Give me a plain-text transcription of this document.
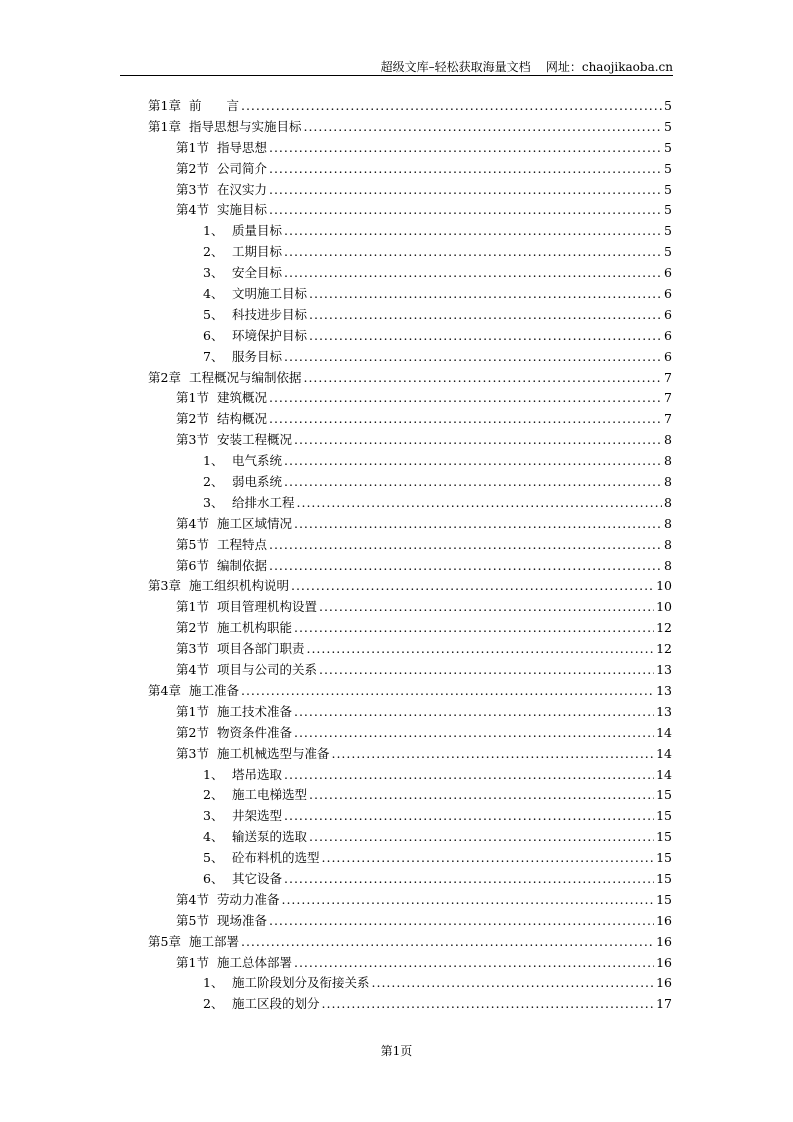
超级文库–轻松获取海量文档    网址：chaojikaoba.cn
第1章 前　　言 .....	5
第1章 指导思想与实施目标 .....	5
第1节 指导思想 .....	5
第2节 公司简介 .....	5
第3节 在汉实力 .....	5
第4节 实施目标 .....	5
1、 质量目标 .....	5
2、 工期目标 .....	5
3、 安全目标 .....	6
4、 文明施工目标 .....	6
5、 科技进步目标 .....	6
6、 环境保护目标 .....	6
7、 服务目标 .....	6
第2章 工程概况与编制依据 .....	7
第1节 建筑概况 .....	7
第2节 结构概况 .....	7
第3节 安装工程概况 .....	8
1、 电气系统 .....	8
2、 弱电系统 .....	8
3、 给排水工程 .....	8
第4节 施工区域情况 .....	8
第5节 工程特点 .....	8
第6节 编制依据 .....	8
第3章 施工组织机构说明 .....	10
第1节 项目管理机构设置 .....	10
第2节 施工机构职能 .....	12
第3节 项目各部门职责 .....	12
第4节 项目与公司的关系 .....	13
第4章 施工准备 .....	13
第1节 施工技术准备 .....	13
第2节 物资条件准备 .....	14
第3节 施工机械选型与准备 .....	14
1、 塔吊选取 .....	14
2、 施工电梯选型 .....	15
3、 井架选型 .....	15
4、 输送泵的选取 .....	15
5、 砼布料机的选型 .....	15
6、 其它设备 .....	15
第4节 劳动力准备 .....	15
第5节 现场准备 .....	16
第5章 施工部署 .....	16
第1节 施工总体部署 .....	16
1、 施工阶段划分及衔接关系 .....	16
2、 施工区段的划分 .....	17
第1页
